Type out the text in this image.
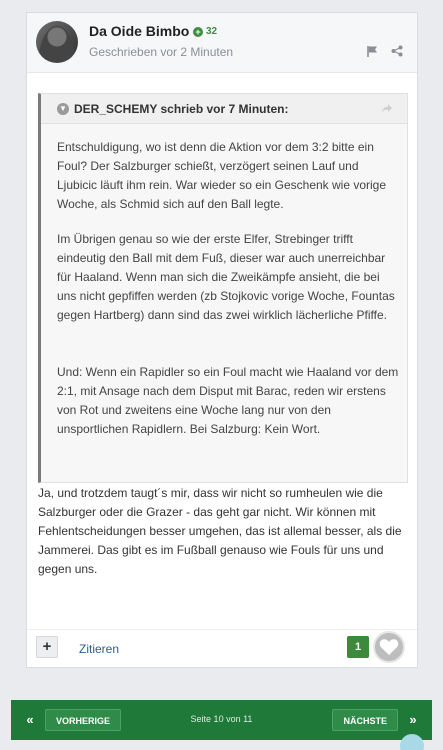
Da Oide Bimbo + 32
Geschrieben vor 2 Minuten
▼ DER_SCHEMY schrieb vor 7 Minuten:

Entschuldigung, wo ist denn die Aktion vor dem 3:2 bitte ein Foul? Der Salzburger schießt, verzögert seinen Lauf und Ljubicic läuft ihm rein. War wieder so ein Geschenk wie vorige Woche, als Schmid sich auf den Ball legte.

Im Übrigen genau so wie der erste Elfer, Strebinger trifft eindeutig den Ball mit dem Fuß, dieser war auch unerreichbar für Haaland. Wenn man sich die Zweikämpfe ansieht, die bei uns nicht gepfiffen werden (zb Stojkovic vorige Woche, Fountas gegen Hartberg) dann sind das zwei wirklich lächerliche Pfiffe.

Und: Wenn ein Rapidler so ein Foul macht wie Haaland vor dem 2:1, mit Ansage nach dem Disput mit Barac, reden wir erstens von Rot und zweitens eine Woche lang nur von den unsportlichen Rapidlern. Bei Salzburg: Kein Wort.

Ja, und trotzdem taugt´s mir, dass wir nicht so rumheulen wie die Salzburger oder die Grazer - das geht gar nicht. Wir können mit Fehlentscheidungen besser umgehen, das ist allemal besser, als die Jammerei. Das gibt es im Fußball genauso wie Fouls für uns und gegen uns.
+	Zitieren	1
«	VORHERIGE	Seite 10 von 11	NÄCHSTE	»
